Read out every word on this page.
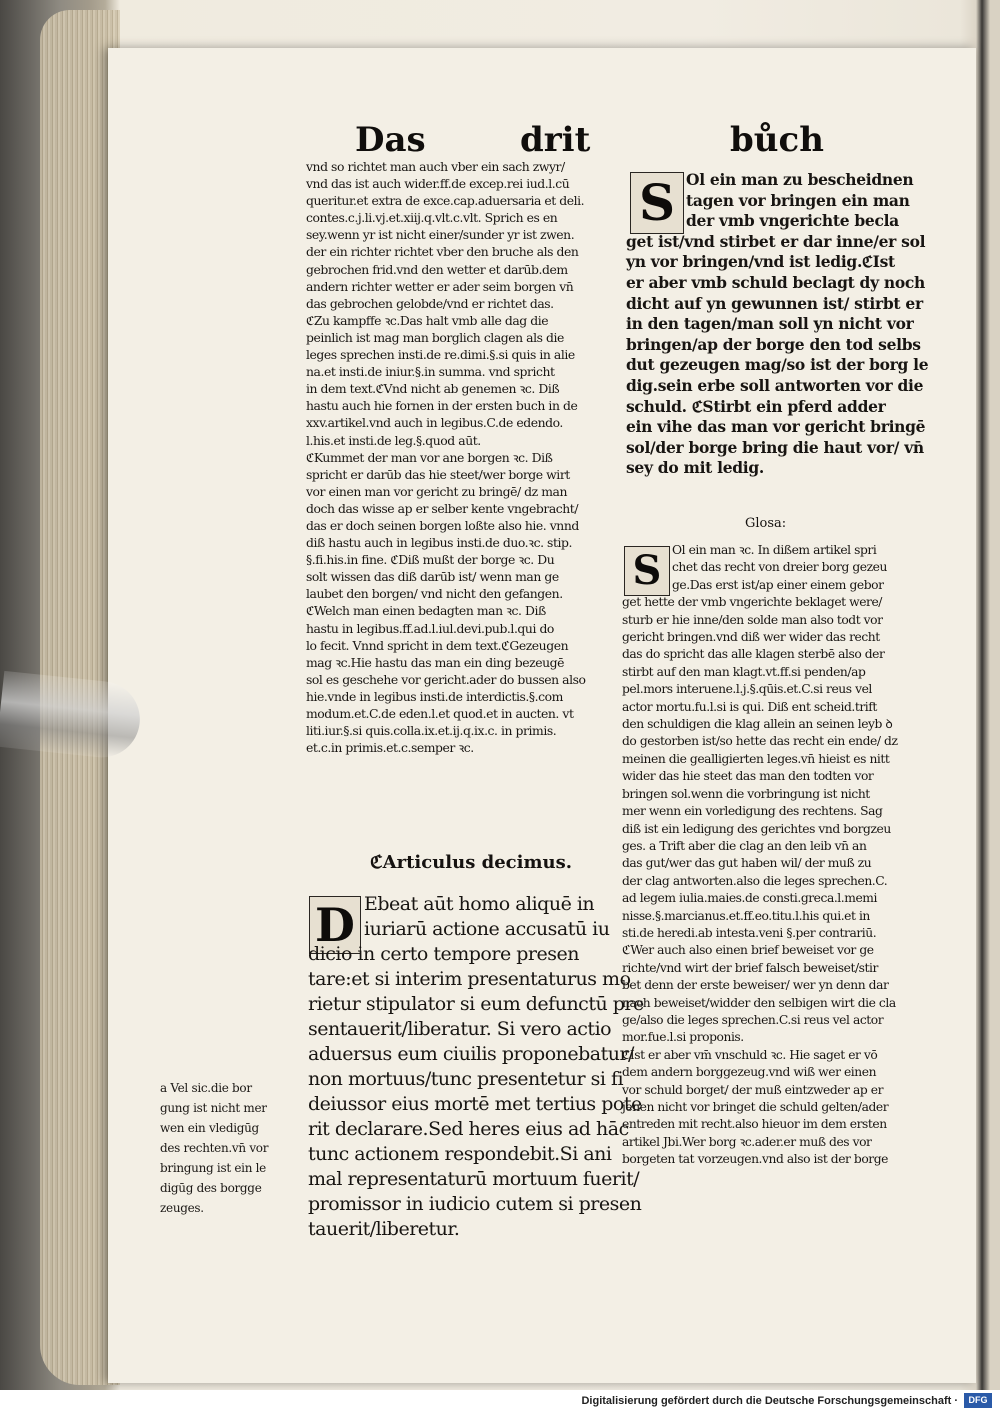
Das	drit	bůch
vnd so richtet man auch vber ein sach zwyr/
vnd das ist auch wider.ff.de excep.rei iud.l.cū
queritur.et extra de exce.cap.aduersaria et deli.
contes.c.j.li.vj.et.xiij.q.vlt.c.vlt. Sprich es en
sey.wenn yr ist nicht einer/sunder yr ist zwen.
der ein richter richtet vber den bruche als den
gebrochen frid.vnd den wetter et darūb.dem
andern richter wetter er ader seim borgen vn̄
das gebrochen gelobde/vnd er richtet das.
ℭZu kampffe ꝛc.Das halt vmb alle dag die
peinlich ist mag man borglich clagen als die
leges sprechen insti.de re.dimi.§.si quis in alie
na.et insti.de iniur.§.in summa. vnd spricht
in dem text.ℭVnd nicht ab genemen ꝛc. Diß
hastu auch hie fornen in der ersten buch in de
xxv.artikel.vnd auch in legibus.C.de edendo.
l.his.et insti.de leg.§.quod aūt.
ℭKummet der man vor ane borgen ꝛc. Diß
spricht er darūb das hie steet/wer borge wirt
vor einen man vor gericht zu bringē/ dz man
doch das wisse ap er selber kente vngebracht/
das er doch seinen borgen loßte also hie. vnnd
diß hastu auch in legibus insti.de duo.ꝛc. stip.
§.fi.his.in fine. ℭDiß mußt der borge ꝛc. Du
solt wissen das diß darūb ist/ wenn man ge
laubet den borgen/ vnd nicht den gefangen.
ℭWelch man einen bedagten man ꝛc. Diß
hastu in legibus.ff.ad.l.iul.devi.pub.l.qui do
lo fecit. Vnnd spricht in dem text.ℭGezeugen
mag ꝛc.Hie hastu das man ein ding bezeugē
sol es geschehe vor gericht.ader do bussen also
hie.vnde in legibus insti.de interdictis.§.com
modum.et.C.de eden.l.et quod.et in aucten. vt
liti.iur.§.si quis.colla.ix.et.ij.q.ix.c. in primis.
et.c.in primis.et.c.semper ꝛc.
ℭArticulus decimus.
D Ebeat aūt homo aliquē in
iuriarū actione accusatū iu
dicio in certo tempore presen
tare:et si interim presentaturus mo
rietur stipulator si eum defunctū pre
sentauerit/liberatur. Si vero actio
aduersus eum ciuilis proponebatur/
non mortuus/tunc presentetur si fi
deiussor eius mortē met tertius pote
rit declarare.Sed heres eius ad hāc
tunc actionem respondebit.Si ani
mal representaturū mortuum fuerit/
promissor in iudicio cutem si presen
tauerit/liberetur.
a Vel sic.die bor
gung ist nicht mer
wen ein vledigūg
des rechten.vn̄ vor
bringung ist ein le
digūg des borgge
zeuges.
S Ol ein man zu bescheidnen
tagen vor bringen ein man
der vmb vngerichte becla
get ist/vnd stirbet er dar inne/er sol
yn vor bringen/vnd ist ledig.ℭIst
er aber vmb schuld beclagt dy noch
dicht auf yn gewunnen ist/ stirbt er
in den tagen/man soll yn nicht vor
bringen/ap der borge den tod selbs
dut gezeugen mag/so ist der borg le
dig.sein erbe soll antworten vor die
schuld. ℭStirbt ein pferd adder
ein vihe das man vor gericht bringē
sol/der borge bring die haut vor/ vn̄
sey do mit ledig.
Glosa:
S Ol ein man ꝛc. In dißem artikel spri
chet das recht von dreier borg gezeu
ge.Das erst ist/ap einer einem gebor
get hette der vmb vngerichte beklaget were/
sturb er hie inne/den solde man also todt vor
gericht bringen.vnd diß wer wider das recht
das do spricht das alle klagen sterbē also der
stirbt auf den man klagt.vt.ff.si penden/ap
pel.mors interuene.l.j.§.qūis.et.C.si reus vel
actor mortu.fu.l.si is qui. Diß ent scheid.trift
den schuldigen die klag allein an seinen leyb ꝺ
do gestorben ist/so hette das recht ein ende/ dz
meinen die gealligierten leges.vn̄ hieist es nitt
wider das hie steet das man den todten vor
bringen sol.wenn die vorbringung ist nicht
mer wenn ein vorledigung des rechtens. Sag
diß ist ein ledigung des gerichtes vnd borgzeu
ges. a Trift aber die clag an den leib vn̄ an
das gut/wer das gut haben wil/ der muß zu
der clag antworten.also die leges sprechen.C.
ad legem iulia.maies.de consti.greca.l.memi
nisse.§.marcianus.et.ff.eo.titu.l.his qui.et in
sti.de heredi.ab intesta.veni §.per contrariū.
ℭWer auch also einen brief beweiset vor ge
richte/vnd wirt der brief falsch beweiset/stir
bet denn der erste beweiser/ wer yn denn dar
nach beweiset/widder den selbigen wirt die cla
ge/also die leges sprechen.C.si reus vel actor
mor.fue.l.si proponis.
ℭIst er aber vm̄ vnschuld ꝛc. Hie saget er vō
dem andern borggezeug.vnd wiß wer einen
vor schuld borget/ der muß eintzweder ap er
jenen nicht vor bringet die schuld gelten/ader
entreden mit recht.also hieuor im dem ersten
artikel Jbi.Wer borg ꝛc.ader.er muß des vor
borgeten tat vorzeugen.vnd also ist der borge
Digitalisierung gefördert durch die Deutsche Forschungsgemeinschaft ·	DFG
